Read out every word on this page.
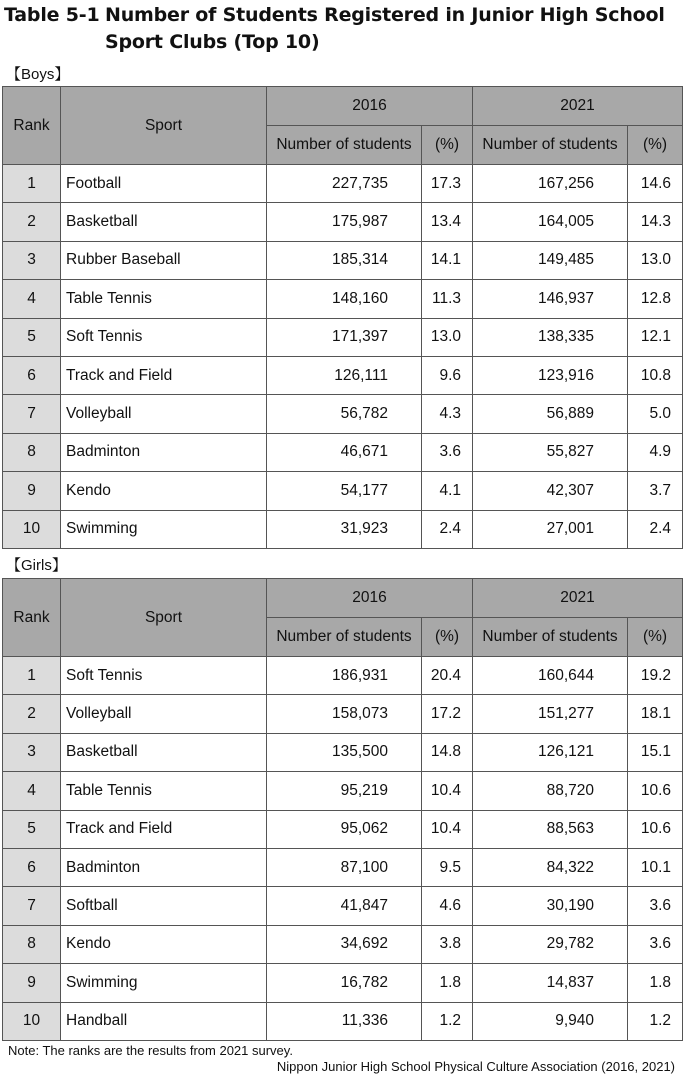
Table 5-1 Number of Students Registered in Junior High School
Sport Clubs (Top 10)
【Boys】
Rank	Sport	2016		2021	
		Number of students	(%)	Number of students	(%)
1	Football	227,735	17.3	167,256	14.6
2	Basketball	175,987	13.4	164,005	14.3
3	Rubber Baseball	185,314	14.1	149,485	13.0
4	Table Tennis	148,160	11.3	146,937	12.8
5	Soft Tennis	171,397	13.0	138,335	12.1
6	Track and Field	126,111	9.6	123,916	10.8
7	Volleyball	56,782	4.3	56,889	5.0
8	Badminton	46,671	3.6	55,827	4.9
9	Kendo	54,177	4.1	42,307	3.7
10	Swimming	31,923	2.4	27,001	2.4
【Girls】
Rank	Sport	2016		2021	
		Number of students	(%)	Number of students	(%)
1	Soft Tennis	186,931	20.4	160,644	19.2
2	Volleyball	158,073	17.2	151,277	18.1
3	Basketball	135,500	14.8	126,121	15.1
4	Table Tennis	95,219	10.4	88,720	10.6
5	Track and Field	95,062	10.4	88,563	10.6
6	Badminton	87,100	9.5	84,322	10.1
7	Softball	41,847	4.6	30,190	3.6
8	Kendo	34,692	3.8	29,782	3.6
9	Swimming	16,782	1.8	14,837	1.8
10	Handball	11,336	1.2	9,940	1.2
Note: The ranks are the results from 2021 survey.
Nippon Junior High School Physical Culture Association (2016, 2021)
